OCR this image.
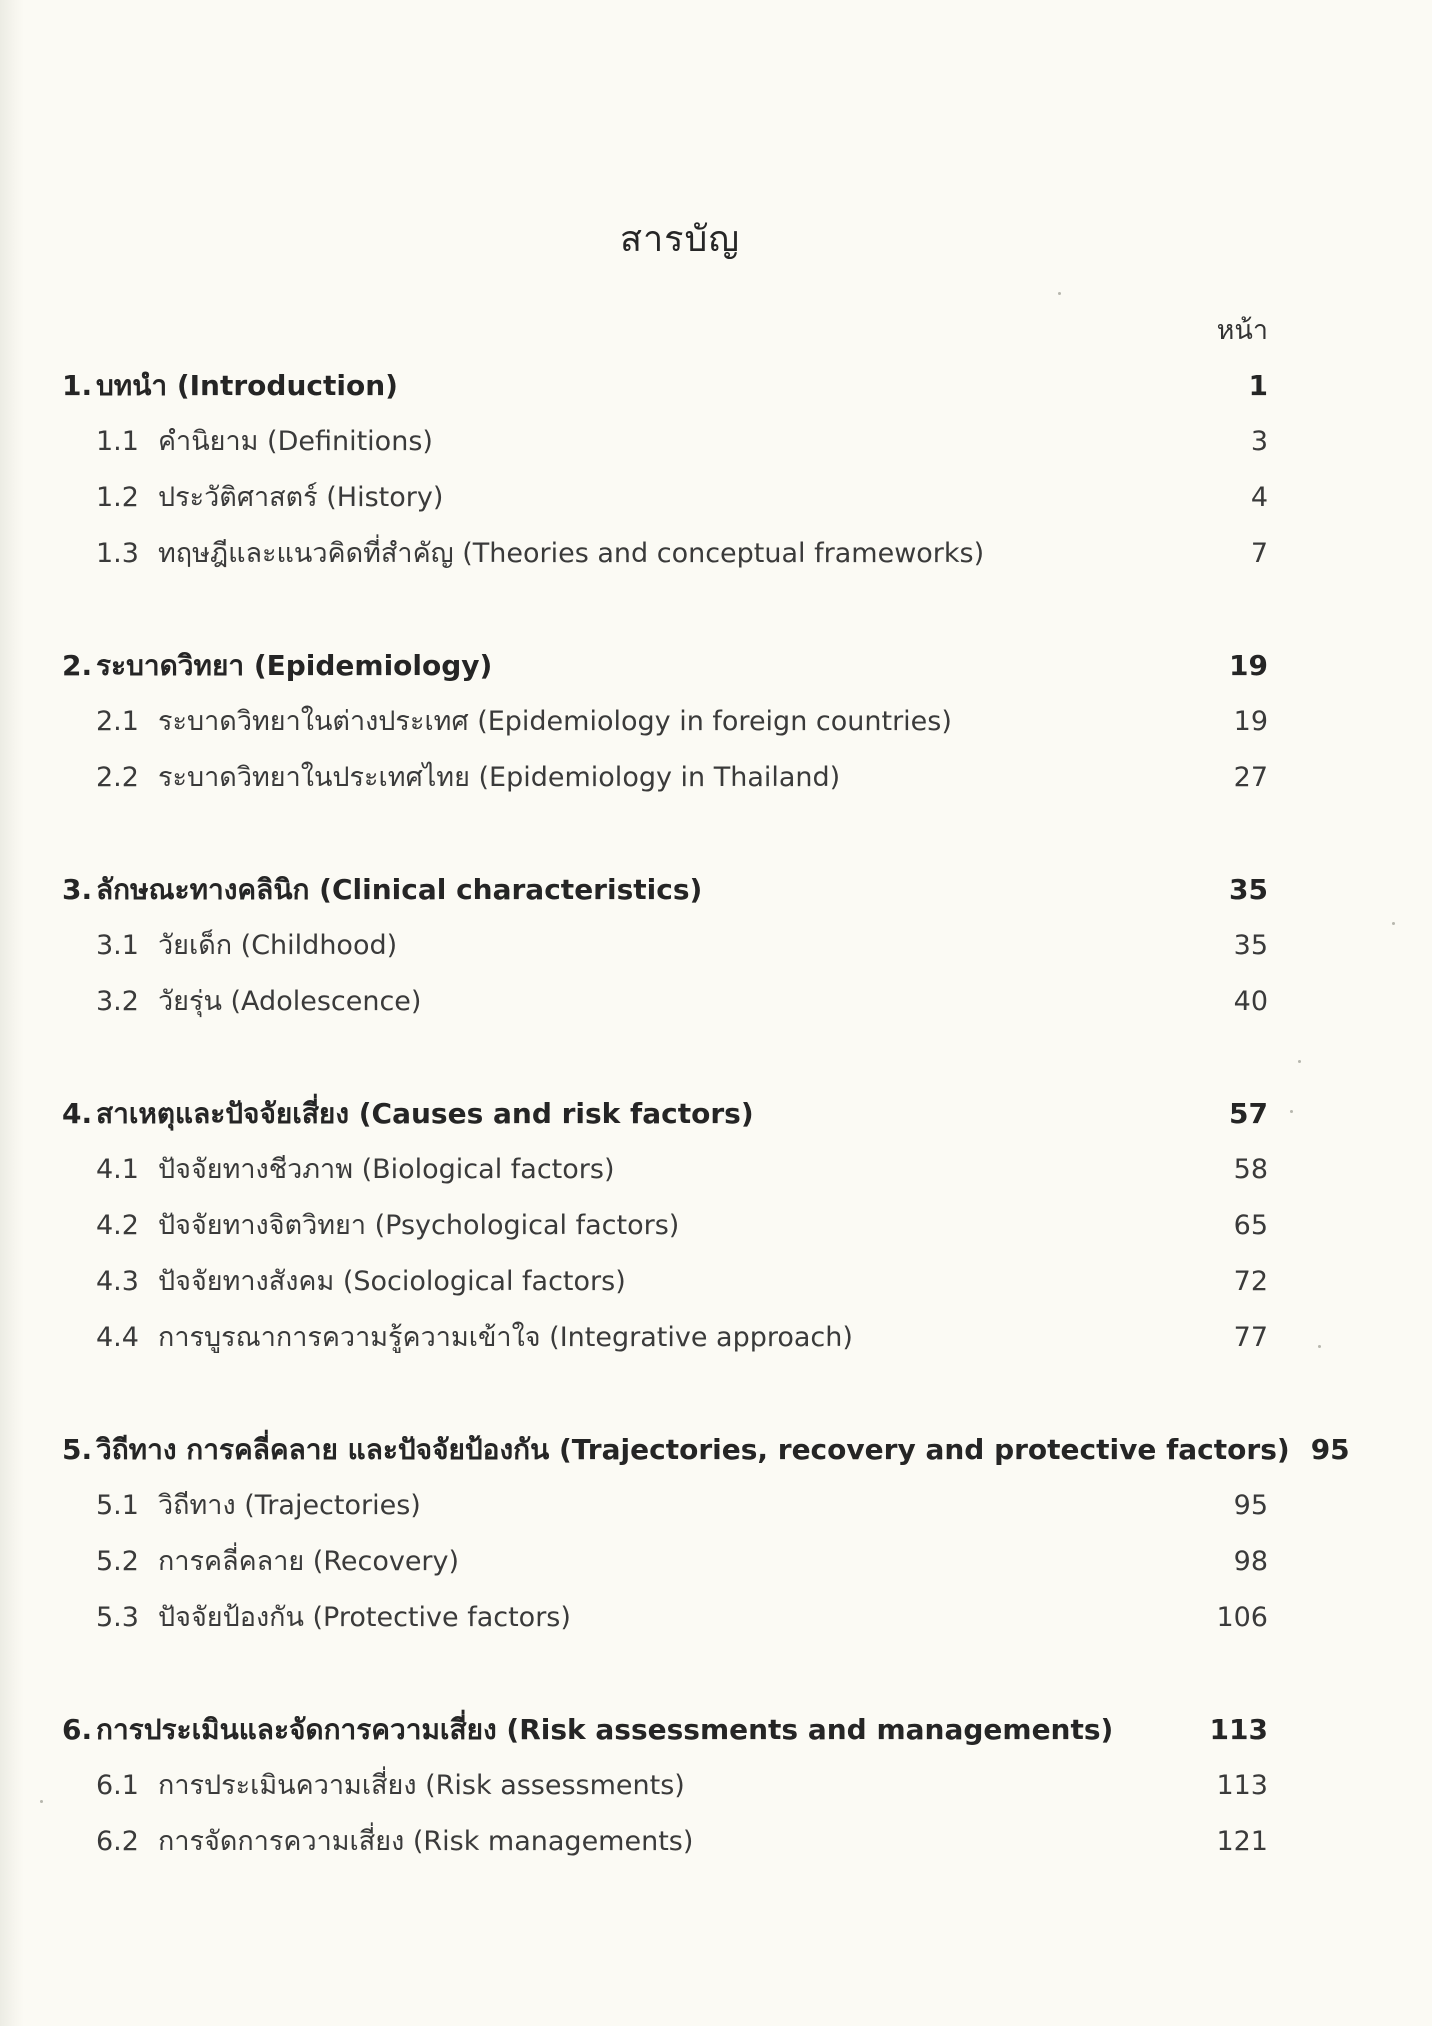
สารบัญ
หน้า
1. บทนำ (Introduction)	1
1.1 คำนิยาม (Definitions)	3
1.2 ประวัติศาสตร์ (History)	4
1.3 ทฤษฎีและแนวคิดที่สำคัญ (Theories and conceptual frameworks)	7
2. ระบาดวิทยา (Epidemiology)	19
2.1 ระบาดวิทยาในต่างประเทศ (Epidemiology in foreign countries)	19
2.2 ระบาดวิทยาในประเทศไทย (Epidemiology in Thailand)	27
3. ลักษณะทางคลินิก (Clinical characteristics)	35
3.1 วัยเด็ก (Childhood)	35
3.2 วัยรุ่น (Adolescence)	40
4. สาเหตุและปัจจัยเสี่ยง (Causes and risk factors)	57
4.1 ปัจจัยทางชีวภาพ (Biological factors)	58
4.2 ปัจจัยทางจิตวิทยา (Psychological factors)	65
4.3 ปัจจัยทางสังคม (Sociological factors)	72
4.4 การบูรณาการความรู้ความเข้าใจ (Integrative approach)	77
5. วิถีทาง การคลี่คลาย และปัจจัยป้องกัน (Trajectories, recovery and protective factors) 95
5.1 วิถีทาง (Trajectories)	95
5.2 การคลี่คลาย (Recovery)	98
5.3 ปัจจัยป้องกัน (Protective factors)	106
6. การประเมินและจัดการความเสี่ยง (Risk assessments and managements)	113
6.1 การประเมินความเสี่ยง (Risk assessments)	113
6.2 การจัดการความเสี่ยง (Risk managements)	121
